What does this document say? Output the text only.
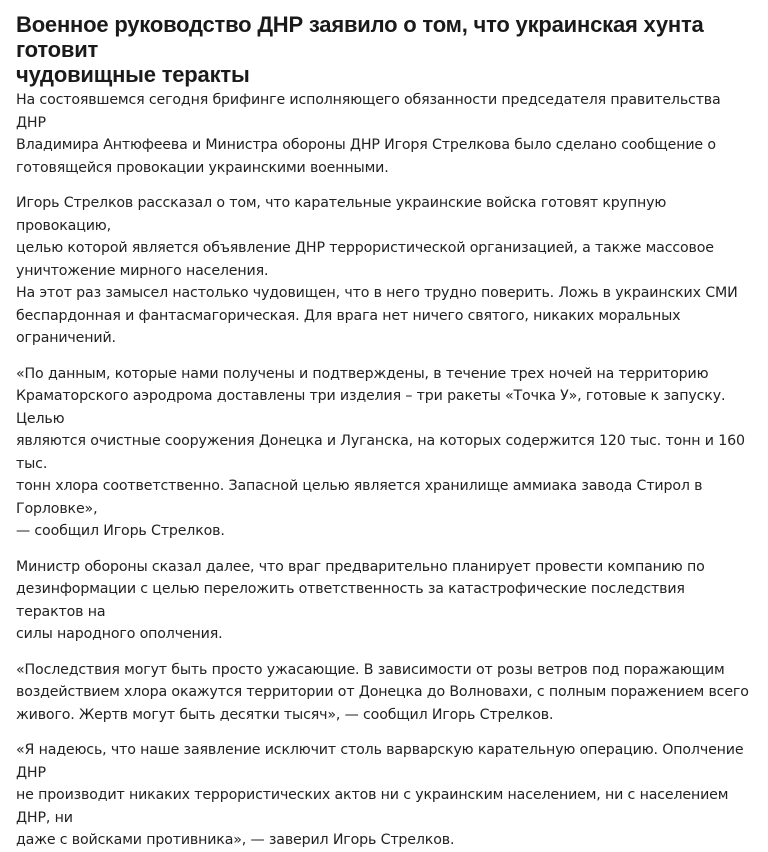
Военное руководство ДНР заявило о том, что украинская хунта готовит
чудовищные теракты

На состоявшемся сегодня брифинге исполняющего обязанности председателя правительства ДНР
Владимира Антюфеева и Министра обороны ДНР Игоря Стрелкова было сделано сообщение о
готовящейся провокации украинскими военными.

Игорь Стрелков рассказал о том, что карательные украинские войска готовят крупную провокацию,
целью которой является объявление ДНР террористической организацией, а также массовое
уничтожение мирного населения.
На этот раз замысел настолько чудовищен, что в него трудно поверить. Ложь в украинских СМИ
беспардонная и фантасмагорическая. Для врага нет ничего святого, никаких моральных ограничений.

«По данным, которые нами получены и подтверждены, в течение трех ночей на территорию
Краматорского аэродрома доставлены три изделия – три ракеты «Точка У», готовые к запуску. Целью
являются очистные сооружения Донецка и Луганска, на которых содержится 120 тыс. тонн и 160 тыс.
тонн хлора соответственно. Запасной целью является хранилище аммиака завода Стирол в Горловке»,
— сообщил Игорь Стрелков.

Министр обороны сказал далее, что враг предварительно планирует провести компанию по
дезинформации с целью переложить ответственность за катастрофические последствия терактов на
силы народного ополчения.

«Последствия могут быть просто ужасающие. В зависимости от розы ветров под поражающим
воздействием хлора окажутся территории от Донецка до Волновахи, с полным поражением всего
живого. Жертв могут быть десятки тысяч», — сообщил Игорь Стрелков.

«Я надеюсь, что наше заявление исключит столь варварскую карательную операцию. Ополчение ДНР
не производит никаких террористических актов ни с украинским населением, ни с населением ДНР, ни
даже с войсками противника», — заверил Игорь Стрелков.
